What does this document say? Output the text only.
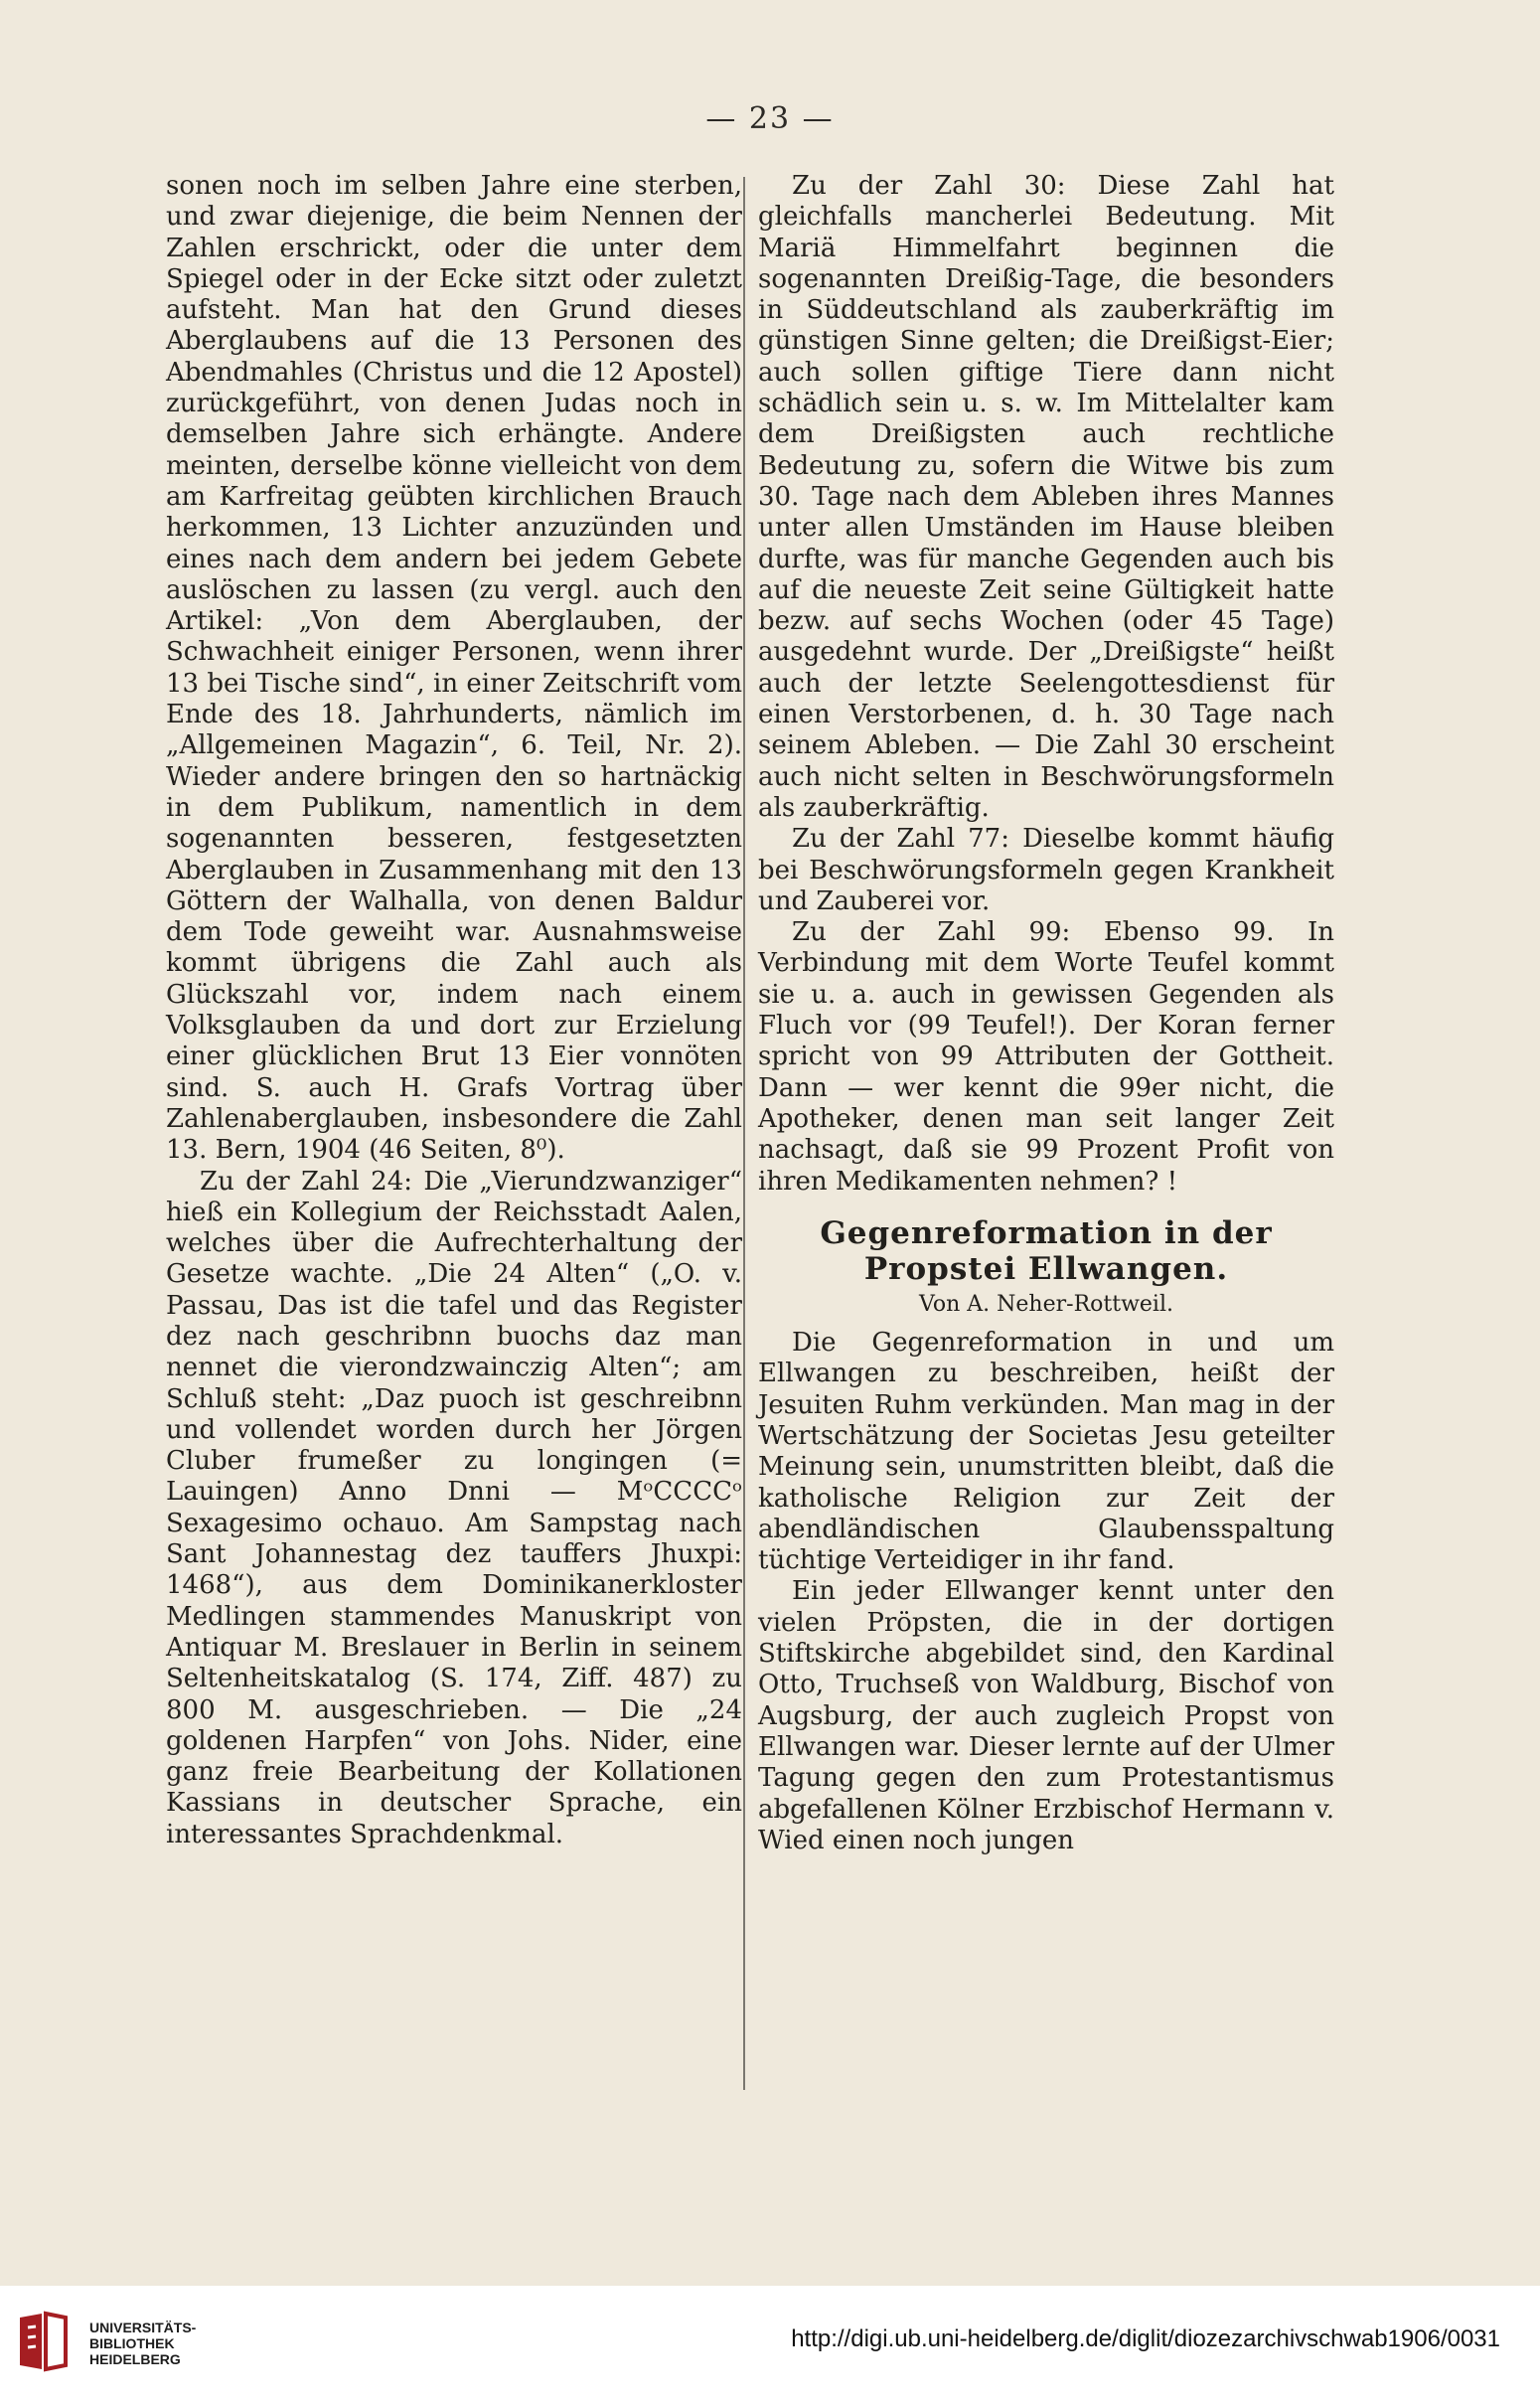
— 23 —

sonen noch im selben Jahre eine sterben, und zwar diejenige, die beim Nennen der Zahlen erschrickt, oder die unter dem Spiegel oder in der Ecke sitzt oder zuletzt aufsteht. Man hat den Grund dieses Aberglaubens auf die 13 Personen des Abendmahles (Christus und die 12 Apostel) zurückgeführt, von denen Judas noch in demselben Jahre sich erhängte. Andere meinten, derselbe könne vielleicht von dem am Karfreitag geübten kirchlichen Brauch herkommen, 13 Lichter anzuzünden und eines nach dem andern bei jedem Gebete auslöschen zu lassen (zu vergl. auch den Artikel: „Von dem Aberglauben, der Schwachheit einiger Personen, wenn ihrer 13 bei Tische sind“, in einer Zeitschrift vom Ende des 18. Jahrhunderts, nämlich im „Allgemeinen Magazin“, 6. Teil, Nr. 2). Wieder andere bringen den so hartnäckig in dem Publikum, namentlich in dem sogenannten besseren, festgesetzten Aberglauben in Zusammenhang mit den 13 Göttern der Walhalla, von denen Baldur dem Tode geweiht war. Ausnahmsweise kommt übrigens die Zahl auch als Glückszahl vor, indem nach einem Volksglauben da und dort zur Erzielung einer glücklichen Brut 13 Eier vonnöten sind. S. auch H. Grafs Vortrag über Zahlenaberglauben, insbesondere die Zahl 13. Bern, 1904 (46 Seiten, 8⁰).

Zu der Zahl 24: Die „Vierundzwanziger“ hieß ein Kollegium der Reichsstadt Aalen, welches über die Aufrechterhaltung der Gesetze wachte. „Die 24 Alten“ („O. v. Passau, Das ist die tafel und das Register dez nach geschribnn buochs daz man nennet die vierondzwainczig Alten“; am Schluß steht: „Daz puoch ist geschreibnn und vollendet worden durch her Jörgen Cluber frumeßer zu longingen (= Lauingen) Anno Dnni — MᵒCCCCᵒ Sexagesimo ochauo. Am Sampstag nach Sant Johannestag dez tauffers Jhuxpi: 1468“), aus dem Dominikanerkloster Medlingen stammendes Manuskript von Antiquar M. Breslauer in Berlin in seinem Seltenheitskatalog (S. 174, Ziff. 487) zu 800 M. ausgeschrieben. — Die „24 goldenen Harpfen“ von Johs. Nider, eine ganz freie Bearbeitung der Kollationen Kassians in deutscher Sprache, ein interessantes Sprachdenkmal.

Zu der Zahl 30: Diese Zahl hat gleichfalls mancherlei Bedeutung. Mit Mariä Himmelfahrt beginnen die sogenannten Dreißig-Tage, die besonders in Süddeutschland als zauberkräftig im günstigen Sinne gelten; die Dreißigst-Eier; auch sollen giftige Tiere dann nicht schädlich sein u. s. w. Im Mittelalter kam dem Dreißigsten auch rechtliche Bedeutung zu, sofern die Witwe bis zum 30. Tage nach dem Ableben ihres Mannes unter allen Umständen im Hause bleiben durfte, was für manche Gegenden auch bis auf die neueste Zeit seine Gültigkeit hatte bezw. auf sechs Wochen (oder 45 Tage) ausgedehnt wurde. Der „Dreißigste“ heißt auch der letzte Seelengottesdienst für einen Verstorbenen, d. h. 30 Tage nach seinem Ableben. — Die Zahl 30 erscheint auch nicht selten in Beschwörungsformeln als zauberkräftig.

Zu der Zahl 77: Dieselbe kommt häufig bei Beschwörungsformeln gegen Krankheit und Zauberei vor.

Zu der Zahl 99: Ebenso 99. In Verbindung mit dem Worte Teufel kommt sie u. a. auch in gewissen Gegenden als Fluch vor (99 Teufel!). Der Koran ferner spricht von 99 Attributen der Gottheit. Dann — wer kennt die 99er nicht, die Apotheker, denen man seit langer Zeit nachsagt, daß sie 99 Prozent Profit von ihren Medikamenten nehmen? !

Gegenreformation in der Propstei Ellwangen.
Von A. Neher-Rottweil.

Die Gegenreformation in und um Ellwangen zu beschreiben, heißt der Jesuiten Ruhm verkünden. Man mag in der Wertschätzung der Societas Jesu geteilter Meinung sein, unumstritten bleibt, daß die katholische Religion zur Zeit der abendländischen Glaubensspaltung tüchtige Verteidiger in ihr fand.

Ein jeder Ellwanger kennt unter den vielen Pröpsten, die in der dortigen Stiftskirche abgebildet sind, den Kardinal Otto, Truchseß von Waldburg, Bischof von Augsburg, der auch zugleich Propst von Ellwangen war. Dieser lernte auf der Ulmer Tagung gegen den zum Protestantismus abgefallenen Kölner Erzbischof Hermann v. Wied einen noch jungen

UNIVERSITÄTS-
BIBLIOTHEK
HEIDELBERG
http://digi.ub.uni-heidelberg.de/diglit/diozezarchivschwab1906/0031
